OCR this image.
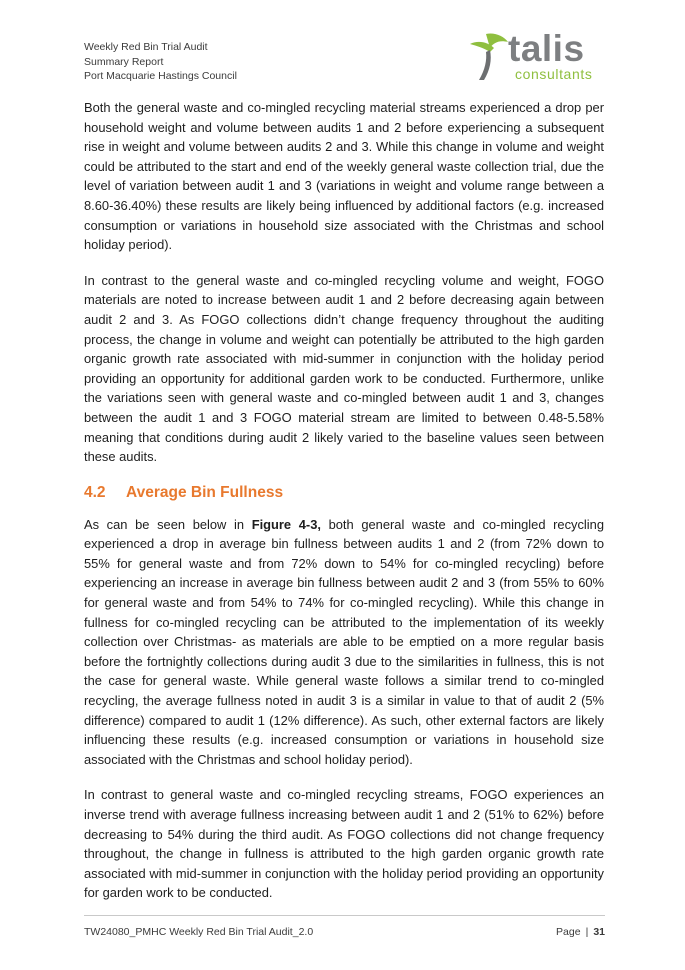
Weekly Red Bin Trial Audit
Summary Report
Port Macquarie Hastings Council
talis
consultants

Both the general waste and co-mingled recycling material streams experienced a drop per household weight and volume between audits 1 and 2 before experiencing a subsequent rise in weight and volume between audits 2 and 3. While this change in volume and weight could be attributed to the start and end of the weekly general waste collection trial, due the level of variation between audit 1 and 3 (variations in weight and volume range between a 8.60-36.40%) these results are likely being influenced by additional factors (e.g. increased consumption or variations in household size associated with the Christmas and school holiday period).

In contrast to the general waste and co-mingled recycling volume and weight, FOGO materials are noted to increase between audit 1 and 2 before decreasing again between audit 2 and 3. As FOGO collections didn’t change frequency throughout the auditing process, the change in volume and weight can potentially be attributed to the high garden organic growth rate associated with mid-summer in conjunction with the holiday period providing an opportunity for additional garden work to be conducted. Furthermore, unlike the variations seen with general waste and co-mingled between audit 1 and 3, changes between the audit 1 and 3 FOGO material stream are limited to between 0.48-5.58% meaning that conditions during audit 2 likely varied to the baseline values seen between these audits.

4.2 Average Bin Fullness

As can be seen below in Figure 4-3, both general waste and co-mingled recycling experienced a drop in average bin fullness between audits 1 and 2 (from 72% down to 55% for general waste and from 72% down to 54% for co-mingled recycling) before experiencing an increase in average bin fullness between audit 2 and 3 (from 55% to 60% for general waste and from 54% to 74% for co-mingled recycling). While this change in fullness for co-mingled recycling can be attributed to the implementation of its weekly collection over Christmas- as materials are able to be emptied on a more regular basis before the fortnightly collections during audit 3 due to the similarities in fullness, this is not the case for general waste. While general waste follows a similar trend to co-mingled recycling, the average fullness noted in audit 3 is a similar in value to that of audit 2 (5% difference) compared to audit 1 (12% difference). As such, other external factors are likely influencing these results (e.g. increased consumption or variations in household size associated with the Christmas and school holiday period).

In contrast to general waste and co-mingled recycling streams, FOGO experiences an inverse trend with average fullness increasing between audit 1 and 2 (51% to 62%) before decreasing to 54% during the third audit. As FOGO collections did not change frequency throughout, the change in fullness is attributed to the high garden organic growth rate associated with mid-summer in conjunction with the holiday period providing an opportunity for garden work to be conducted.

TW24080_PMHC Weekly Red Bin Trial Audit_2.0	Page | 31
